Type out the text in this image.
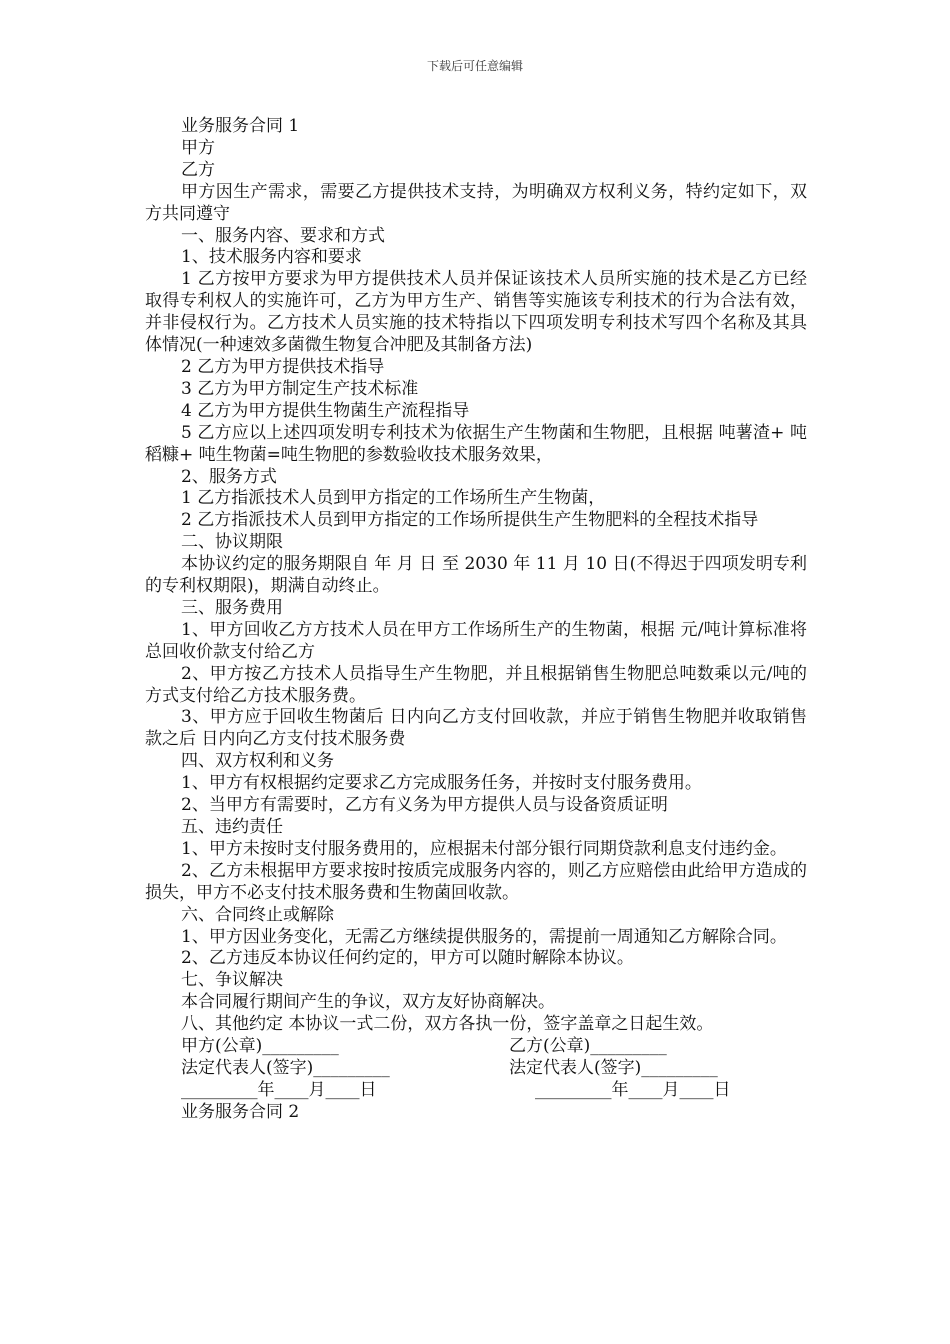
下载后可任意编辑

业务服务合同 1

甲方

乙方

甲方因生产需求，需要乙方提供技术支持，为明确双方权利义务，特约定如下，双方共同遵守

一、服务内容、要求和方式

1、技术服务内容和要求

1 乙方按甲方要求为甲方提供技术人员并保证该技术人员所实施的技术是乙方已经取得专利权人的实施许可，乙方为甲方生产、销售等实施该专利技术的行为合法有效，并非侵权行为。乙方技术人员实施的技术特指以下四项发明专利技术写四个名称及其具体情况(一种速效多菌微生物复合冲肥及其制备方法)

2 乙方为甲方提供技术指导

3 乙方为甲方制定生产技术标准

4 乙方为甲方提供生物菌生产流程指导

5 乙方应以上述四项发明专利技术为依据生产生物菌和生物肥，且根据 吨薯渣+ 吨稻糠+ 吨生物菌=吨生物肥的参数验收技术服务效果，

2、服务方式

1 乙方指派技术人员到甲方指定的工作场所生产生物菌，

2 乙方指派技术人员到甲方指定的工作场所提供生产生物肥料的全程技术指导

二、协议期限

本协议约定的服务期限自 年 月 日 至 2030 年 11 月 10 日(不得迟于四项发明专利的专利权期限)，期满自动终止。

三、服务费用

1、甲方回收乙方方技术人员在甲方工作场所生产的生物菌，根据 元/吨计算标准将总回收价款支付给乙方

2、甲方按乙方技术人员指导生产生物肥，并且根据销售生物肥总吨数乘以元/吨的方式支付给乙方技术服务费。

3、甲方应于回收生物菌后 日内向乙方支付回收款，并应于销售生物肥并收取销售款之后 日内向乙方支付技术服务费

四、双方权利和义务

1、甲方有权根据约定要求乙方完成服务任务，并按时支付服务费用。

2、当甲方有需要时，乙方有义务为甲方提供人员与设备资质证明

五、违约责任

1、甲方未按时支付服务费用的，应根据未付部分银行同期贷款利息支付违约金。

2、乙方未根据甲方要求按时按质完成服务内容的，则乙方应赔偿由此给甲方造成的损失，甲方不必支付技术服务费和生物菌回收款。

六、合同终止或解除

1、甲方因业务变化，无需乙方继续提供服务的，需提前一周通知乙方解除合同。

2、乙方违反本协议任何约定的，甲方可以随时解除本协议。

七、争议解决

本合同履行期间产生的争议，双方友好协商解决。

八、其他约定 本协议一式二份，双方各执一份，签字盖章之日起生效。

甲方(公章)_________	乙方(公章)_________
法定代表人(签字)_________	法定代表人(签字)_________
_________年____月____日	_________年____月____日

业务服务合同 2
